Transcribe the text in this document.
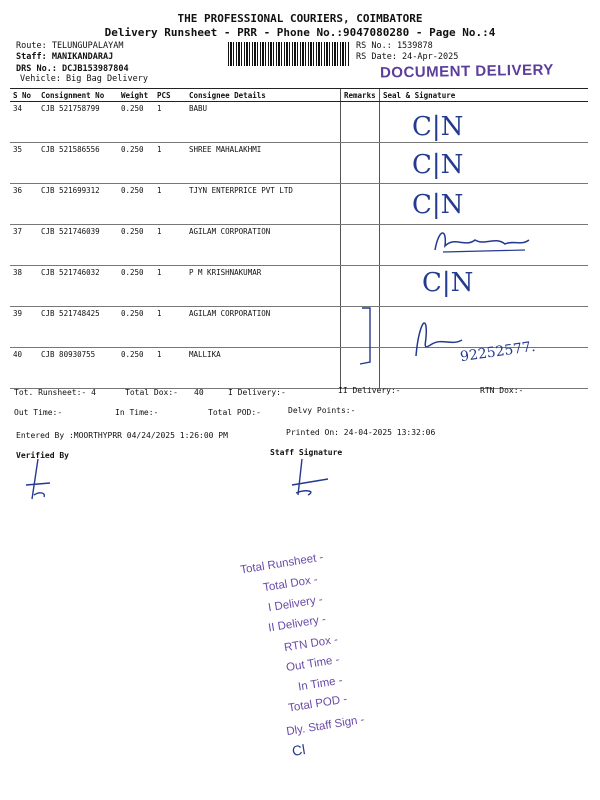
THE PROFESSIONAL COURIERS, COIMBATORE
Delivery Runsheet - PRR - Phone No.:9047080280 - Page No.:4
Route: TELUNGUPALAYAM
Staff: MANIKANDARAJ
DRS No.: DCJB153987804
Vehicle: Big Bag Delivery
RS No.: 1539878
RS Date: 24-Apr-2025
DOCUMENT DELIVERY
S No	Consignment No	Weight	PCS	Consignee Details	Remarks	Seal & Signature
34	CJB 521758799	0.250	1	BABU		
35	CJB 521586556	0.250	1	SHREE MAHALAKHMI		
36	CJB 521699312	0.250	1	TJYN ENTERPRICE PVT LTD		
37	CJB 521746039	0.250	1	AGILAM CORPORATION		
38	CJB 521746032	0.250	1	P M KRISHNAKUMAR		
39	CJB 521748425	0.250	1	AGILAM CORPORATION		
40	CJB 80930755	0.250	1	MALLIKA		
C|N
C|N
C|N
C|N
92252577.
Tot. Runsheet:- 4	Total Dox:- 40	I Delivery:-	II Delivery:-	RTN Dox:-
Out Time:-	In Time:-	Total POD:-	Delvy Points:-
Entered By :MOORTHYPRR 04/24/2025 1:26:00 PM	Printed On: 24-04-2025 13:32:06
Verified By	Staff Signature
Total Runsheet -
Total Dox -
I Delivery -
II Delivery -
RTN Dox -
Out Time -
In Time -
Total POD -
Dly. Staff Sign -
Cl
